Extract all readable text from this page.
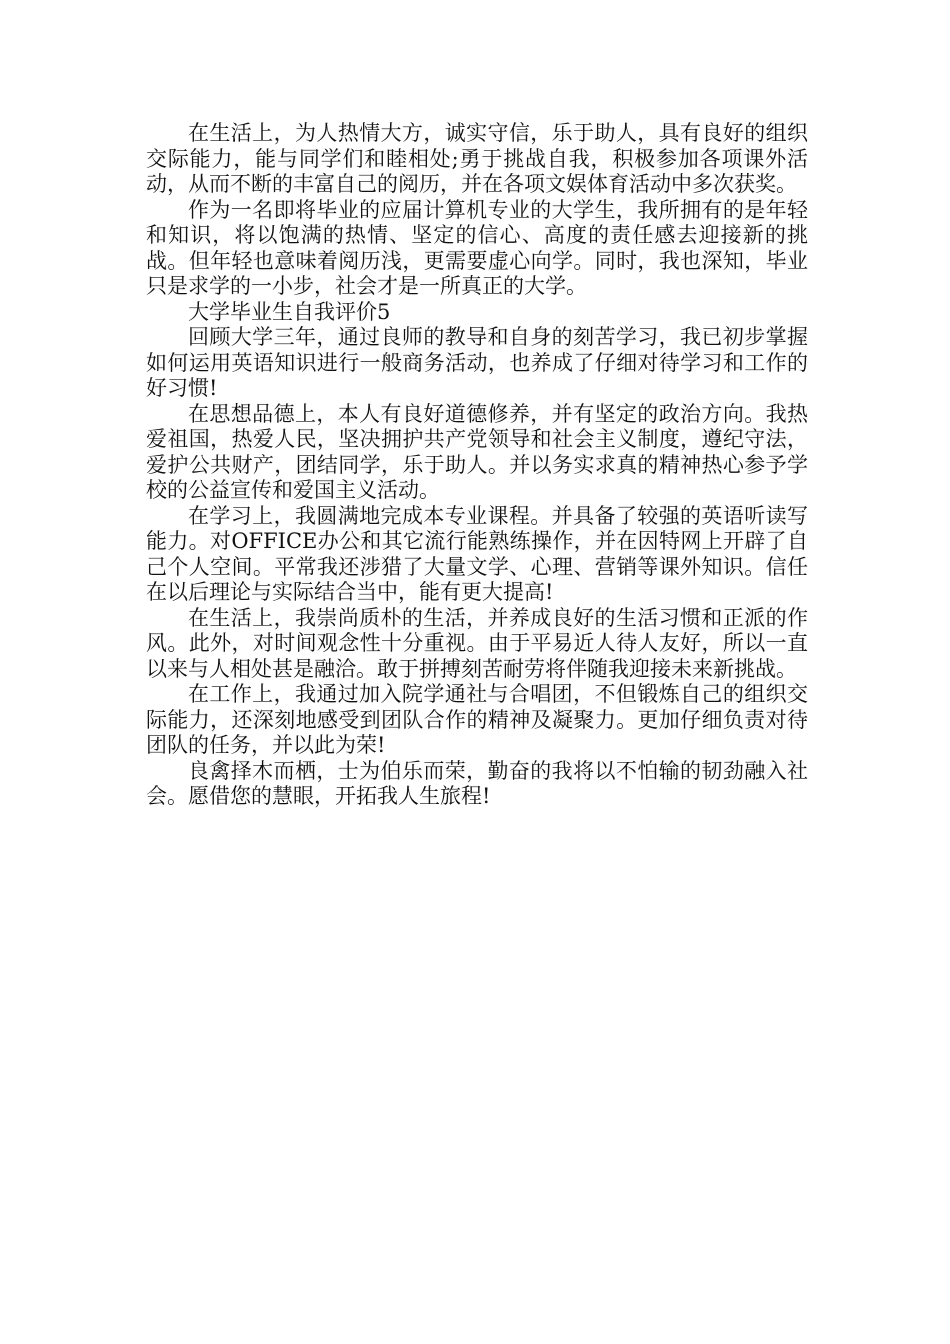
在生活上，为人热情大方，诚实守信，乐于助人，具有良好的组织交际能力，能与同学们和睦相处;勇于挑战自我，积极参加各项课外活动，从而不断的丰富自己的阅历，并在各项文娱体育活动中多次获奖。

作为一名即将毕业的应届计算机专业的大学生，我所拥有的是年轻和知识，将以饱满的热情、坚定的信心、高度的责任感去迎接新的挑战。但年轻也意味着阅历浅，更需要虚心向学。同时，我也深知，毕业只是求学的一小步，社会才是一所真正的大学。

大学毕业生自我评价5

回顾大学三年，通过良师的教导和自身的刻苦学习，我已初步掌握如何运用英语知识进行一般商务活动，也养成了仔细对待学习和工作的好习惯!

在思想品德上，本人有良好道德修养，并有坚定的政治方向。我热爱祖国，热爱人民，坚决拥护共产党领导和社会主义制度，遵纪守法，爱护公共财产，团结同学，乐于助人。并以务实求真的精神热心参予学校的公益宣传和爱国主义活动。

在学习上，我圆满地完成本专业课程。并具备了较强的英语听读写能力。对OFFICE办公和其它流行能熟练操作，并在因特网上开辟了自己个人空间。平常我还涉猎了大量文学、心理、营销等课外知识。信任在以后理论与实际结合当中，能有更大提高!

在生活上，我崇尚质朴的生活，并养成良好的生活习惯和正派的作风。此外，对时间观念性十分重视。由于平易近人待人友好，所以一直以来与人相处甚是融洽。敢于拼搏刻苦耐劳将伴随我迎接未来新挑战。

在工作上，我通过加入院学通社与合唱团，不但锻炼自己的组织交际能力，还深刻地感受到团队合作的精神及凝聚力。更加仔细负责对待团队的任务，并以此为荣!

良禽择木而栖，士为伯乐而荣，勤奋的我将以不怕输的韧劲融入社会。愿借您的慧眼，开拓我人生旅程!
